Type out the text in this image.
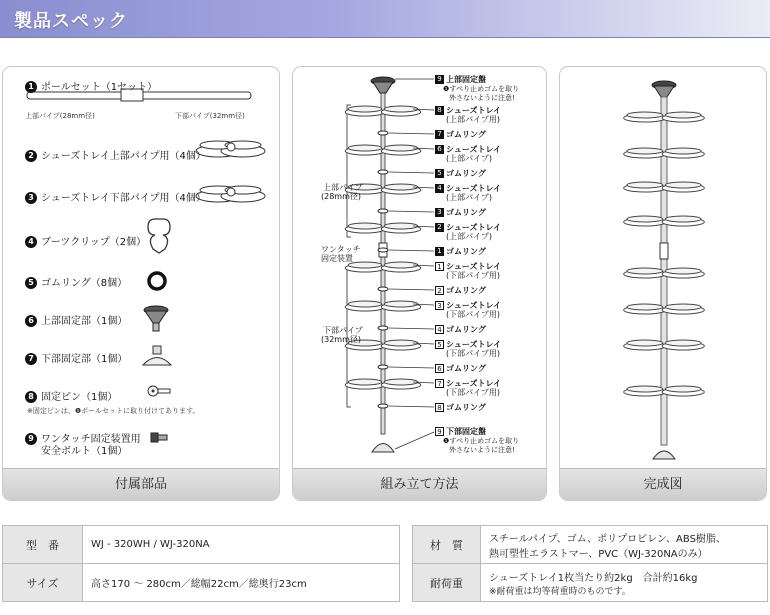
製品スペック
1 ポールセット（1セット）
上部パイプ(28mm径)	下部パイプ(32mm径)
2 シューズトレイ上部パイプ用（4個）
3 シューズトレイ下部パイプ用（4個）
4 ブーツクリップ（2個）
5 ゴムリング（8個）
6 上部固定部（1個）
7 下部固定部（1個）
8 固定ピン（1個）
※固定ピンは、❶ポールセットに取り付けてあります。
9 ワンタッチ固定装置用
安全ボルト（1個）
付属部品
上部パイプ
(28mm径)
ワンタッチ
固定装置
下部パイプ
(32mm径)
9 上部固定盤
❶すべり止めゴムを取り
外さないように注意!
8 シューズトレイ
(上部パイプ用)
7 ゴムリング
6 シューズトレイ
(上部パイプ)
5 ゴムリング
4 シューズトレイ
(上部パイプ)
3 ゴムリング
2 シューズトレイ
(上部パイプ)
1 ゴムリング
1 シューズトレイ
(下部パイプ用)
2 ゴムリング
3 シューズトレイ
(下部パイプ用)
4 ゴムリング
5 シューズトレイ
(下部パイプ用)
6 ゴムリング
7 シューズトレイ
(下部パイプ用)
8 ゴムリング
9 下部固定盤
❶すべり止めゴムを取り
外さないように注意!
組み立て方法	完成図
型　番	WJ - 320WH / WJ-320NA
サイズ	高さ170 〜 280cm／総幅22cm／総奥行23cm
材　質	スチールパイプ、ゴム、ポリプロピレン、ABS樹脂、
熱可塑性エラストマー、PVC（WJ-320NAのみ）

耐荷重	シューズトレイ1枚当たり約2kg　合計約16kg
※耐荷重は均等荷重時のものです。
